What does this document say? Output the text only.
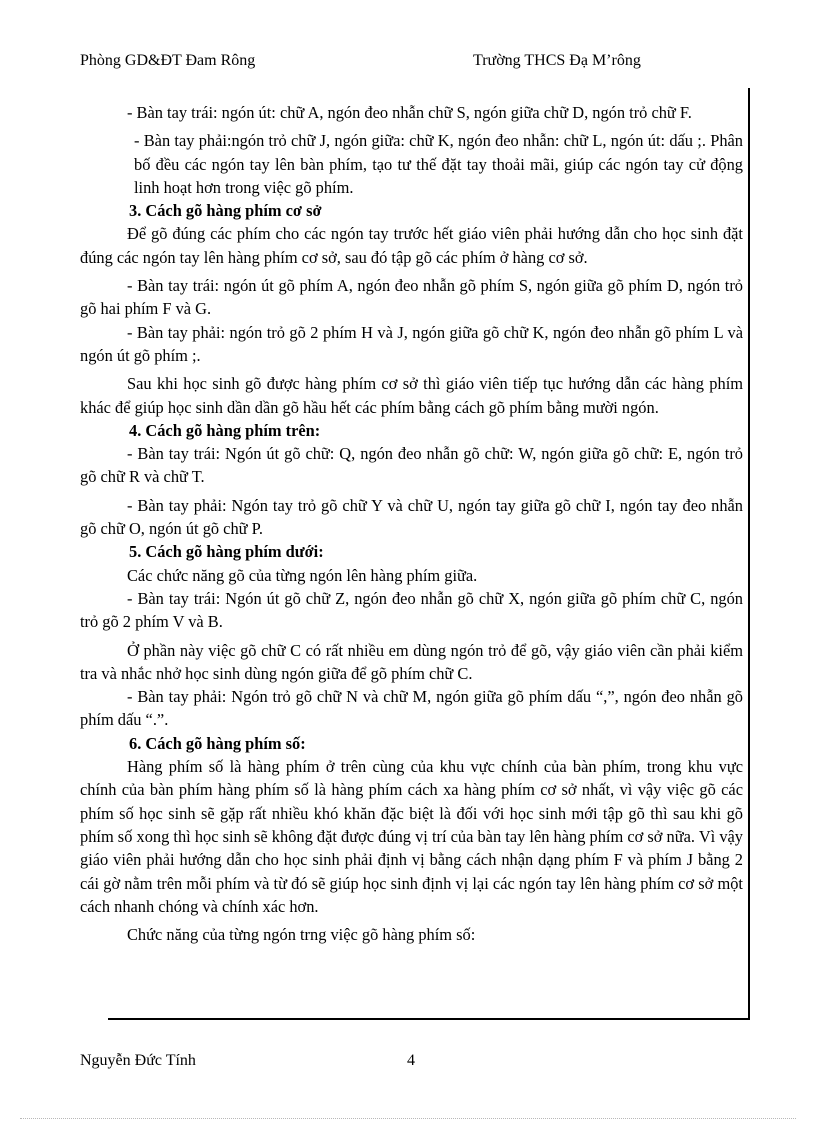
Phòng GD&ĐT Đam Rông	Trường THCS Đạ M’rông

- Bàn tay trái: ngón út: chữ A, ngón đeo nhẫn chữ S, ngón giữa chữ D, ngón trỏ chữ F.

- Bàn tay phải:ngón trỏ chữ J, ngón giữa: chữ K, ngón đeo nhẫn: chữ L, ngón út: dấu ;. Phân bố đều các ngón tay lên bàn phím, tạo tư thế đặt tay thoải mãi, giúp các ngón tay cử động linh hoạt hơn trong việc gõ phím.

3. Cách gõ hàng phím cơ sở

Để gõ đúng các phím cho các ngón tay trước hết giáo viên phải hướng dẫn cho học sinh đặt đúng các ngón tay lên hàng phím cơ sở, sau đó tập gõ các phím ở hàng cơ sở.

- Bàn tay trái: ngón út gõ phím A, ngón đeo nhẫn gõ phím S, ngón giữa gõ phím D, ngón trỏ gõ hai phím F và G.

- Bàn tay phải: ngón trỏ gõ 2 phím H và J, ngón giữa gõ chữ K, ngón đeo nhẫn gõ phím L và ngón út gõ phím ;.

Sau khi học sinh gõ được hàng phím cơ sở thì giáo viên tiếp tục hướng dẫn các hàng phím khác để giúp học sinh dần dần gõ hầu hết các phím bằng cách gõ phím bằng mười ngón.

4. Cách gõ hàng phím trên:

- Bàn tay trái: Ngón út gõ chữ: Q, ngón đeo nhẫn gõ chữ: W, ngón giữa gõ chữ: E, ngón trỏ gõ chữ R và chữ T.

- Bàn tay phải: Ngón tay trỏ gõ chữ Y và chữ U, ngón tay giữa gõ chữ I, ngón tay đeo nhẫn gõ chữ O, ngón út gõ chữ P.

5. Cách gõ hàng phím dưới:

Các chức năng gõ của từng ngón lên hàng phím giữa.

- Bàn tay trái: Ngón út gõ chữ Z, ngón đeo nhẫn gõ chữ X, ngón giữa gõ phím chữ C, ngón trỏ gõ 2 phím V và B.

Ở phần này việc gõ chữ C có rất nhiều em dùng ngón trỏ để gõ, vậy giáo viên cần phải kiểm tra và nhắc nhở học sinh dùng ngón giữa để gõ phím chữ C.

- Bàn tay phải: Ngón trỏ gõ chữ N và chữ M, ngón giữa gõ phím dấu “,”, ngón đeo nhẫn gõ phím dấu “.”.

6. Cách gõ hàng phím số:

Hàng phím số là hàng phím ở trên cùng của khu vực chính của bàn phím, trong khu vực chính của bàn phím hàng phím số là hàng phím cách xa hàng phím cơ sở nhất, vì vậy việc gõ các phím số học sinh sẽ gặp rất nhiều khó khăn đặc biệt là đối với học sinh mới tập gõ thì sau khi gõ phím số xong thì học sinh sẽ không đặt được đúng vị trí của bàn tay lên hàng phím cơ sở nữa. Vì vậy giáo viên phải hướng dẫn cho học sinh phải định vị bằng cách nhận dạng phím F và phím J bằng 2 cái gờ nằm trên mỗi phím và từ đó sẽ giúp học sinh định vị lại các ngón tay lên hàng phím cơ sở một cách nhanh chóng và chính xác hơn.

Chức năng của từng ngón trng việc gõ hàng phím số:

Nguyễn Đức Tính	4
